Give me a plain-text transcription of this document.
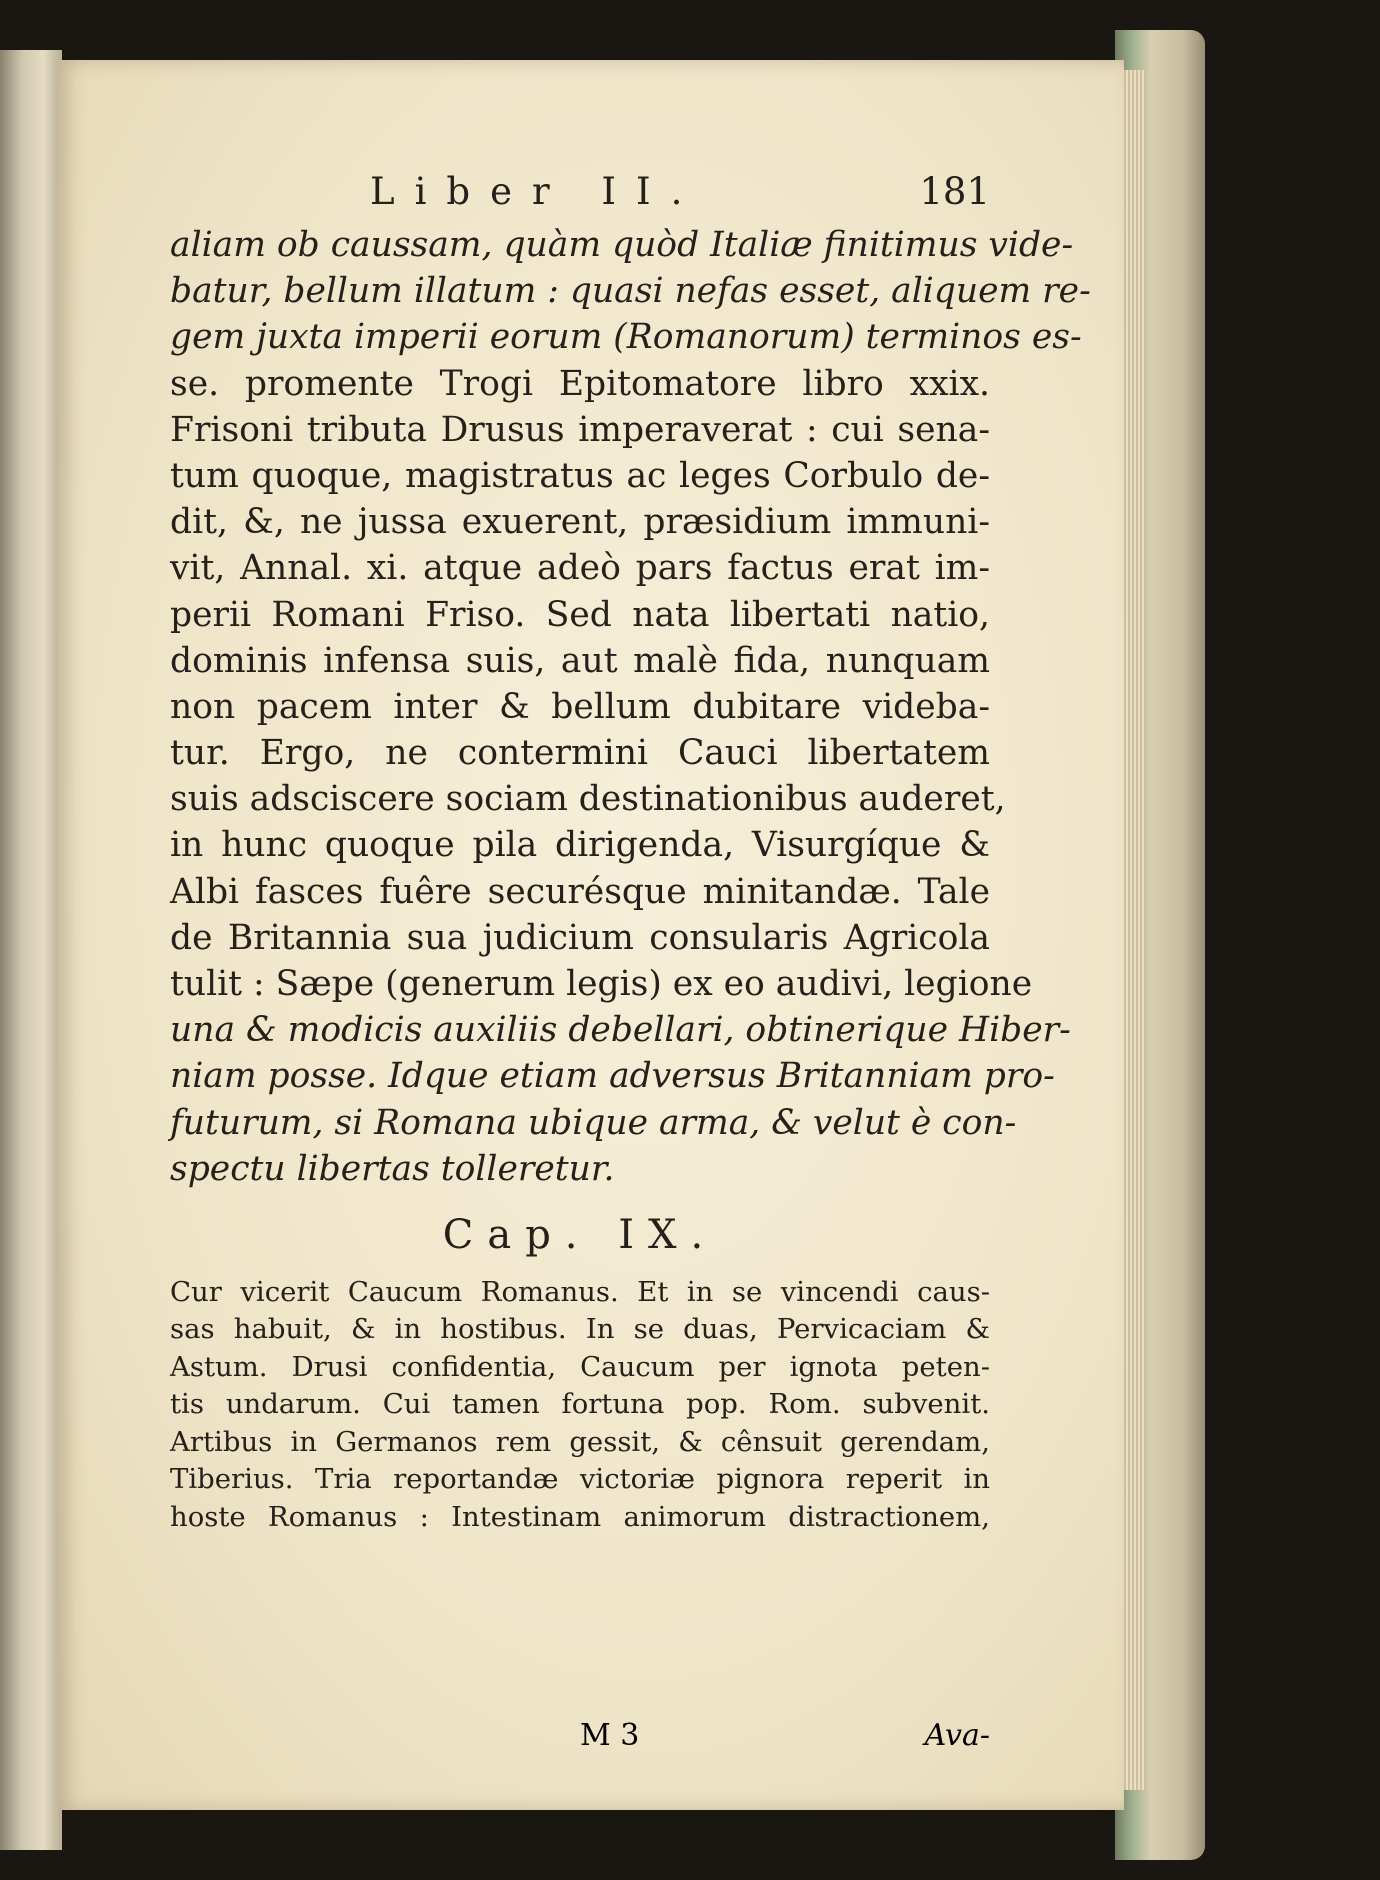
Liber II.	181
aliam ob caussam, quàm quòd Italiæ finitimus vide-
batur, bellum illatum : quasi nefas esset, aliquem re-
gem juxta imperii eorum (Romanorum) terminos es-
se. promente Trogi Epitomatore libro xxix.
Frisoni tributa Drusus imperaverat : cui sena-
tum quoque, magistratus ac leges Corbulo de-
dit, &, ne jussa exuerent, præsidium immuni-
vit, Annal. xi. atque adeò pars factus erat im-
perii Romani Friso. Sed nata libertati natio,
dominis infensa suis, aut malè fida, nunquam
non pacem inter & bellum dubitare videba-
tur. Ergo, ne contermini Cauci libertatem
suis adsciscere sociam destinationibus auderet,
in hunc quoque pila dirigenda, Visurgíque &
Albi fasces fuêre securésque minitandæ. Tale
de Britannia sua judicium consularis Agricola
tulit : Sæpe (generum legis) ex eo audivi, legione
una & modicis auxiliis debellari, obtinerique Hiber-
niam posse. Idque etiam adversus Britanniam pro-
futurum, si Romana ubique arma, & velut è con-
spectu libertas tolleretur.
Cap. IX.
Cur vicerit Caucum Romanus. Et in se vincendi caus-
sas habuit, & in hostibus. In se duas, Pervicaciam &
Astum. Drusi confidentia, Caucum per ignota peten-
tis undarum. Cui tamen fortuna pop. Rom. subvenit.
Artibus in Germanos rem gessit, & cênsuit gerendam,
Tiberius. Tria reportandæ victoriæ pignora reperit in
hoste Romanus : Intestinam animorum distractionem,
M 3	Ava-
